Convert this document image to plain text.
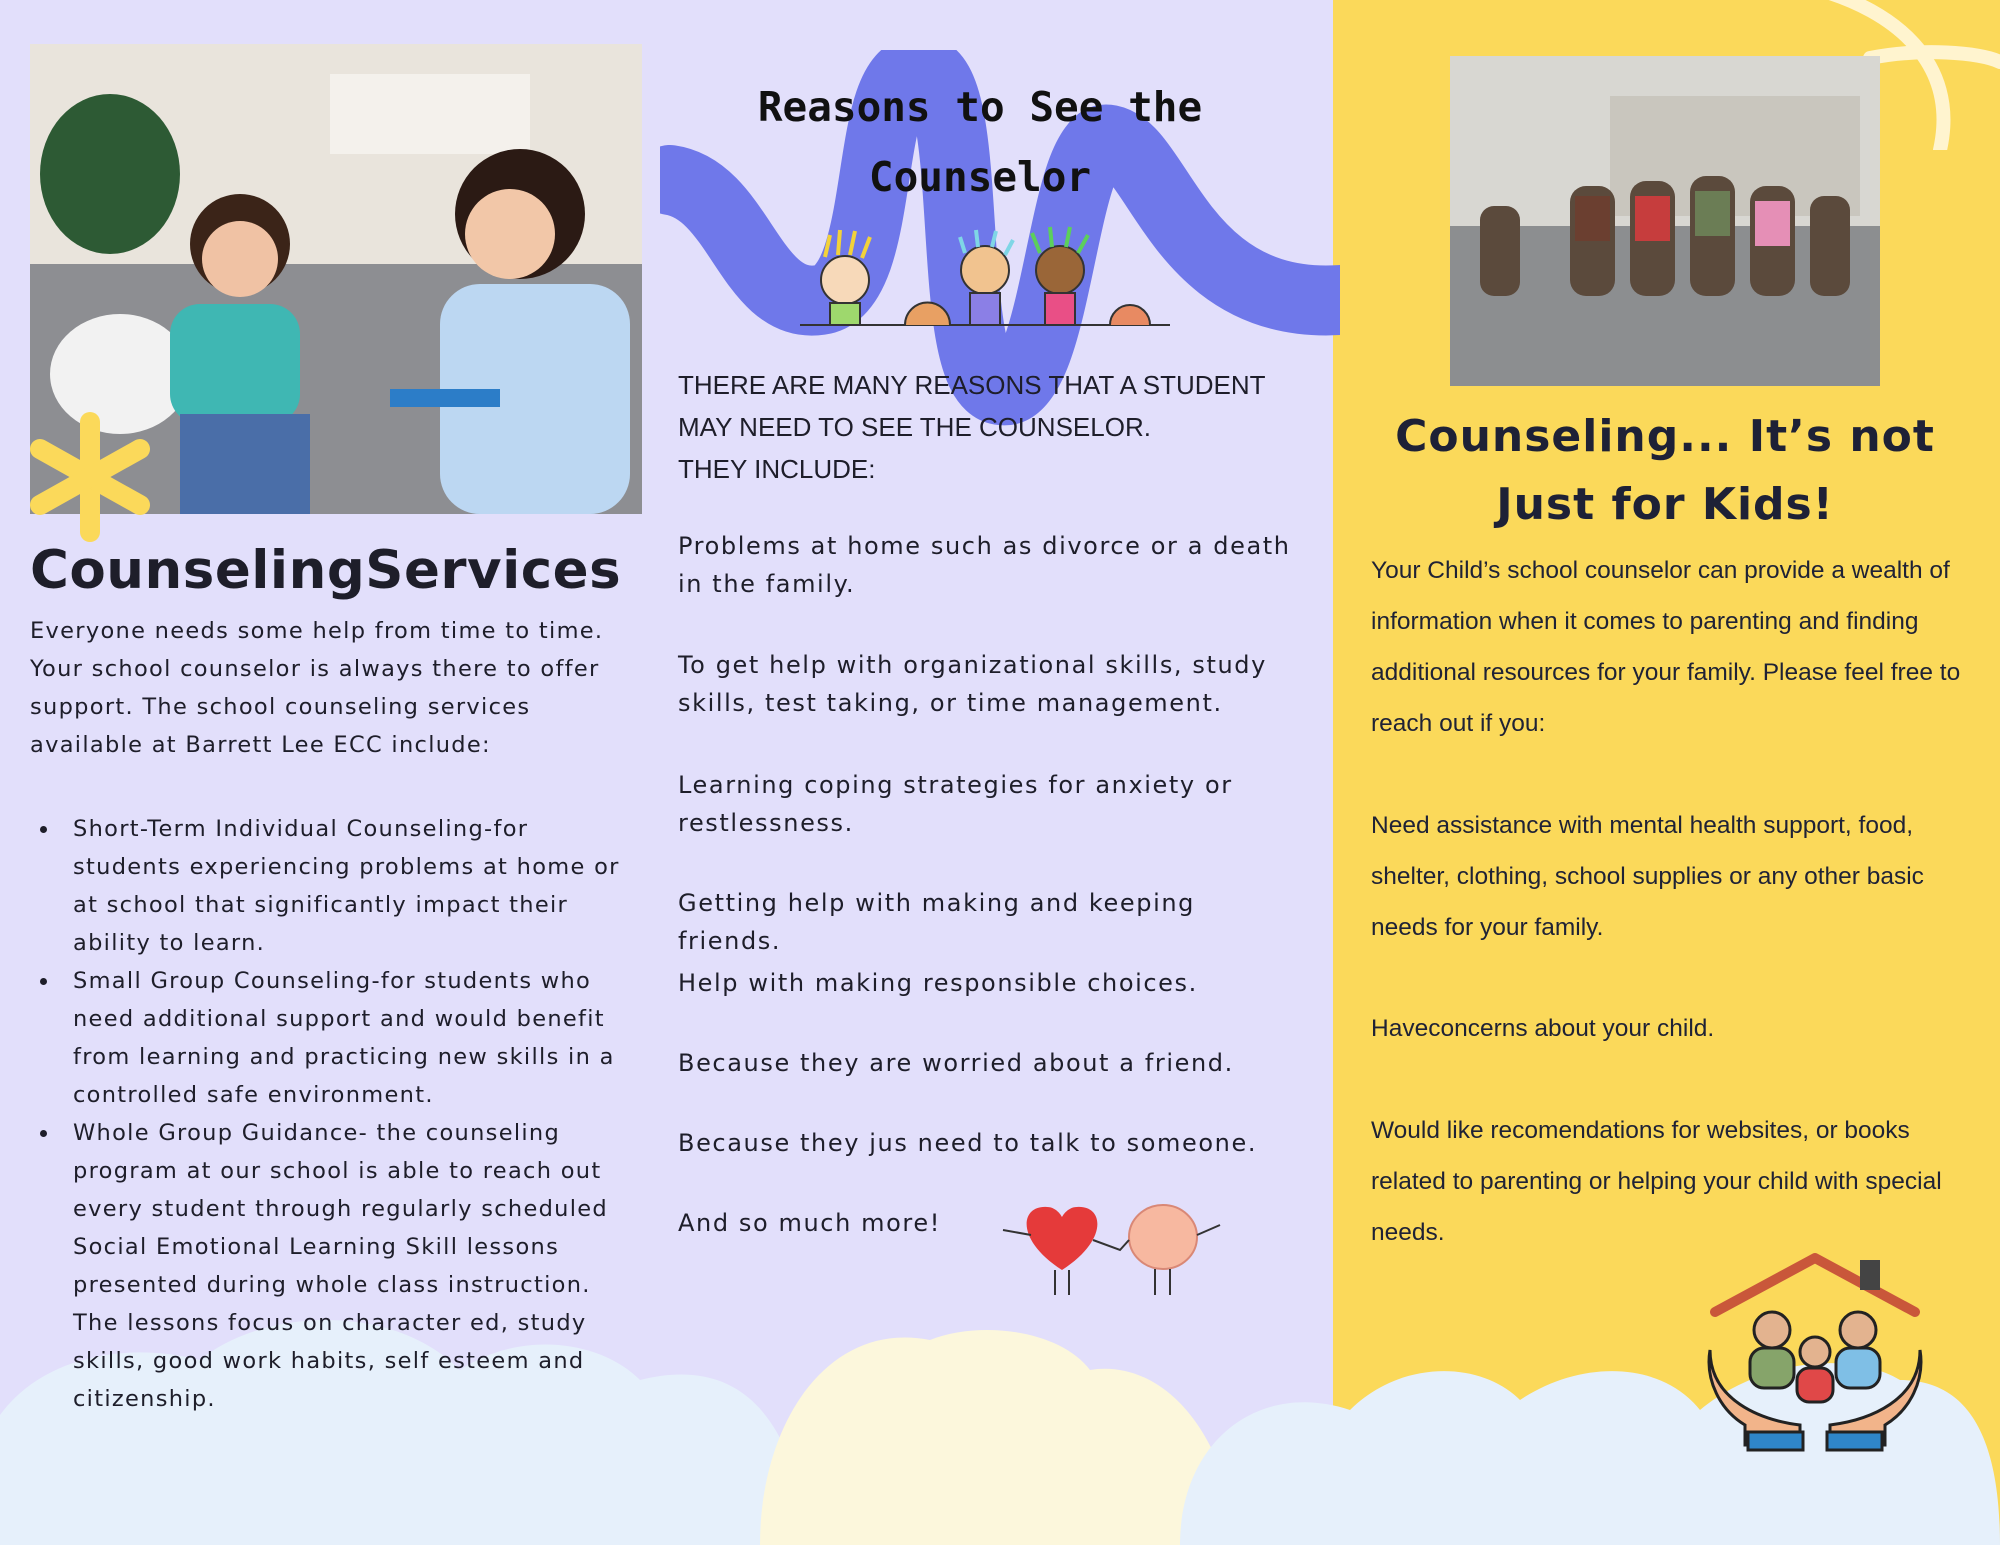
CounselingServices
Everyone needs some help from time to time. Your school counselor is always there to offer support. The school counseling services available at Barrett Lee ECC include:
Short-Term Individual Counseling-for students experiencing problems at home or at school that significantly impact their ability to learn.
Small Group Counseling-for students who need additional support and would benefit from learning and practicing new skills in a controlled safe environment.
Whole Group Guidance- the counseling program at our school is able to reach out every student through regularly scheduled Social Emotional Learning Skill lessons presented during whole class instruction. The lessons focus on character ed, study skills, good work habits, self esteem and citizenship.
Reasons to See the Counselor
THERE ARE MANY REASONS THAT A STUDENT
MAY NEED TO SEE THE COUNSELOR.
THEY INCLUDE:
Problems at home such as divorce or a death in the family.
To get help with organizational skills, study skills, test taking, or time management.
Learning coping strategies for anxiety or restlessness.
Getting help with making and keeping friends.
Help with making responsible choices.
Because they are worried about a friend.
Because they jus need to talk to someone.
And so much more!
Counseling... It’s not Just for Kids!
Your Child’s school counselor can provide a wealth of information when it comes to parenting and finding additional resources for your family. Please feel free to reach out if you:
Need assistance with mental health support, food, shelter, clothing, school supplies or any other basic needs for your family.
Haveconcerns about your child.
Would like recomendations for websites, or books related to parenting or helping your child with special needs.
